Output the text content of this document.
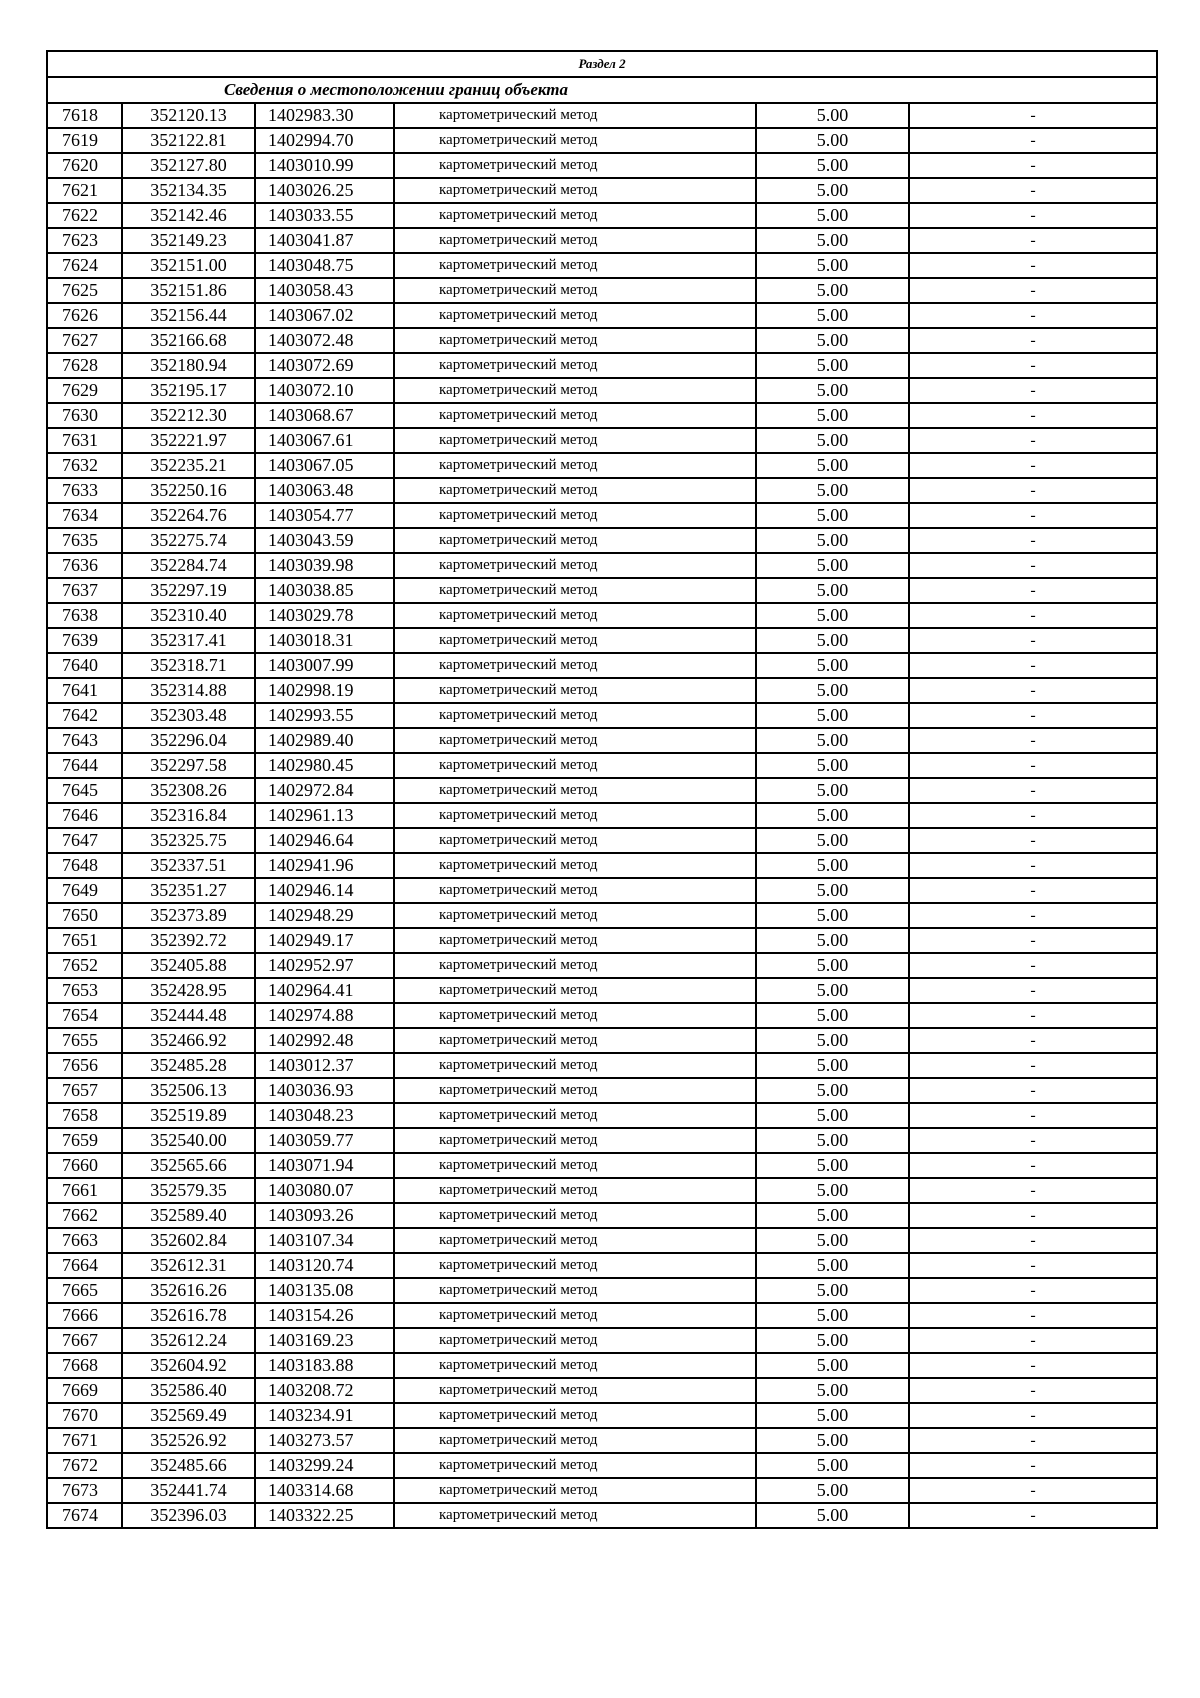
Раздел 2					
Сведения о местоположении границ объекта					
7618	352120.13	1402983.30	картометрический метод	5.00	-
7619	352122.81	1402994.70	картометрический метод	5.00	-
7620	352127.80	1403010.99	картометрический метод	5.00	-
7621	352134.35	1403026.25	картометрический метод	5.00	-
7622	352142.46	1403033.55	картометрический метод	5.00	-
7623	352149.23	1403041.87	картометрический метод	5.00	-
7624	352151.00	1403048.75	картометрический метод	5.00	-
7625	352151.86	1403058.43	картометрический метод	5.00	-
7626	352156.44	1403067.02	картометрический метод	5.00	-
7627	352166.68	1403072.48	картометрический метод	5.00	-
7628	352180.94	1403072.69	картометрический метод	5.00	-
7629	352195.17	1403072.10	картометрический метод	5.00	-
7630	352212.30	1403068.67	картометрический метод	5.00	-
7631	352221.97	1403067.61	картометрический метод	5.00	-
7632	352235.21	1403067.05	картометрический метод	5.00	-
7633	352250.16	1403063.48	картометрический метод	5.00	-
7634	352264.76	1403054.77	картометрический метод	5.00	-
7635	352275.74	1403043.59	картометрический метод	5.00	-
7636	352284.74	1403039.98	картометрический метод	5.00	-
7637	352297.19	1403038.85	картометрический метод	5.00	-
7638	352310.40	1403029.78	картометрический метод	5.00	-
7639	352317.41	1403018.31	картометрический метод	5.00	-
7640	352318.71	1403007.99	картометрический метод	5.00	-
7641	352314.88	1402998.19	картометрический метод	5.00	-
7642	352303.48	1402993.55	картометрический метод	5.00	-
7643	352296.04	1402989.40	картометрический метод	5.00	-
7644	352297.58	1402980.45	картометрический метод	5.00	-
7645	352308.26	1402972.84	картометрический метод	5.00	-
7646	352316.84	1402961.13	картометрический метод	5.00	-
7647	352325.75	1402946.64	картометрический метод	5.00	-
7648	352337.51	1402941.96	картометрический метод	5.00	-
7649	352351.27	1402946.14	картометрический метод	5.00	-
7650	352373.89	1402948.29	картометрический метод	5.00	-
7651	352392.72	1402949.17	картометрический метод	5.00	-
7652	352405.88	1402952.97	картометрический метод	5.00	-
7653	352428.95	1402964.41	картометрический метод	5.00	-
7654	352444.48	1402974.88	картометрический метод	5.00	-
7655	352466.92	1402992.48	картометрический метод	5.00	-
7656	352485.28	1403012.37	картометрический метод	5.00	-
7657	352506.13	1403036.93	картометрический метод	5.00	-
7658	352519.89	1403048.23	картометрический метод	5.00	-
7659	352540.00	1403059.77	картометрический метод	5.00	-
7660	352565.66	1403071.94	картометрический метод	5.00	-
7661	352579.35	1403080.07	картометрический метод	5.00	-
7662	352589.40	1403093.26	картометрический метод	5.00	-
7663	352602.84	1403107.34	картометрический метод	5.00	-
7664	352612.31	1403120.74	картометрический метод	5.00	-
7665	352616.26	1403135.08	картометрический метод	5.00	-
7666	352616.78	1403154.26	картометрический метод	5.00	-
7667	352612.24	1403169.23	картометрический метод	5.00	-
7668	352604.92	1403183.88	картометрический метод	5.00	-
7669	352586.40	1403208.72	картометрический метод	5.00	-
7670	352569.49	1403234.91	картометрический метод	5.00	-
7671	352526.92	1403273.57	картометрический метод	5.00	-
7672	352485.66	1403299.24	картометрический метод	5.00	-
7673	352441.74	1403314.68	картометрический метод	5.00	-
7674	352396.03	1403322.25	картометрический метод	5.00	-
